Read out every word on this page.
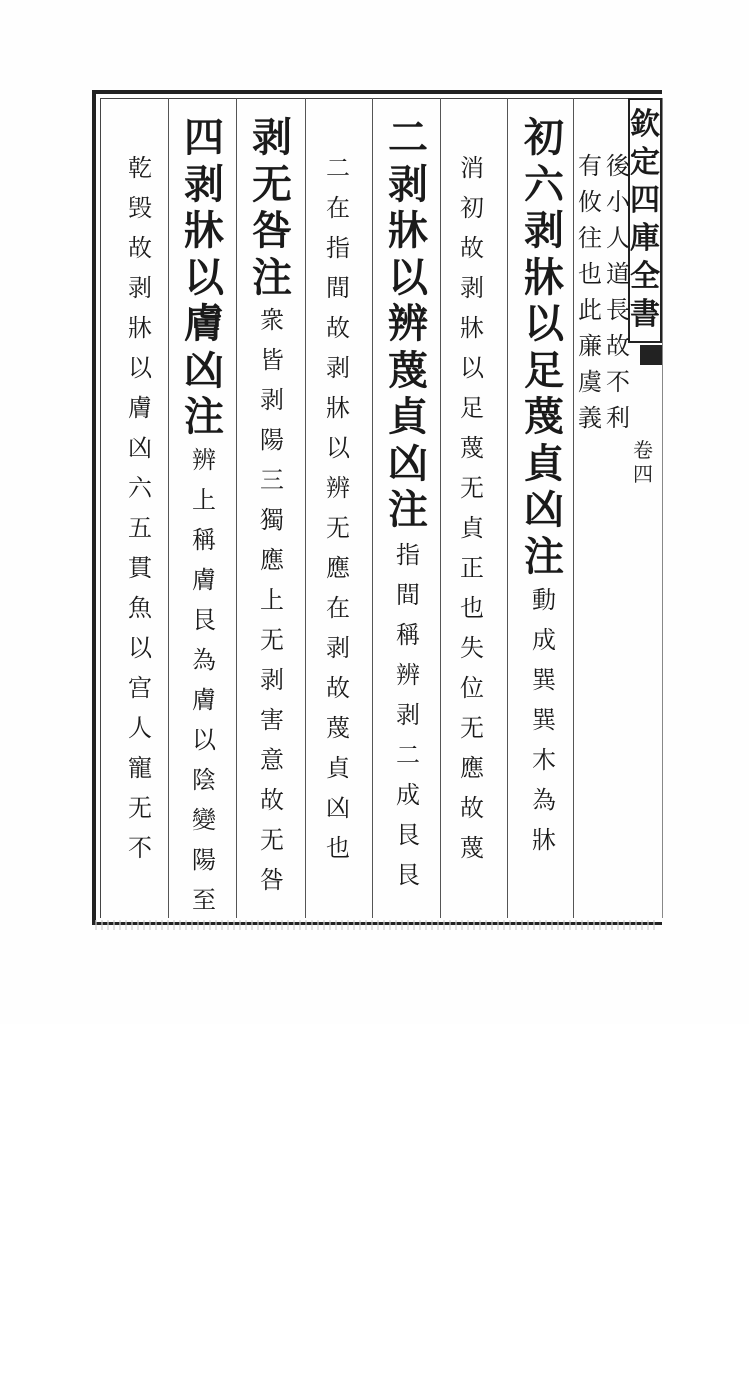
欽
定
四
庫
全
書
卷
四
初
六
剥
牀
以
足
蔑
貞
凶
注
動
成
巽
巽
木
為
牀
後
小
人
道
長
故
不
利
有
攸
往
也
此
亷
虞
義
消
初
故
剥
牀
以
足
蔑
无
貞
正
也
失
位
无
應
故
蔑
二
剥
牀
以
辨
蔑
貞
凶
注
指
間
稱
辨
剥
二
成
艮
艮
二
在
指
間
故
剥
牀
以
辨
无
應
在
剥
故
蔑
貞
凶
也
剥
无
咎
注
衆
皆
剥
陽
三
獨
應
上
无
剥
害
意
故
无
咎
四
剥
牀
以
膚
凶
注
辨
上
稱
膚
艮
為
膚
以
陰
變
陽
至
乾
毁
故
剥
牀
以
膚
凶
六
五
貫
魚
以
宫
人
寵
无
不
